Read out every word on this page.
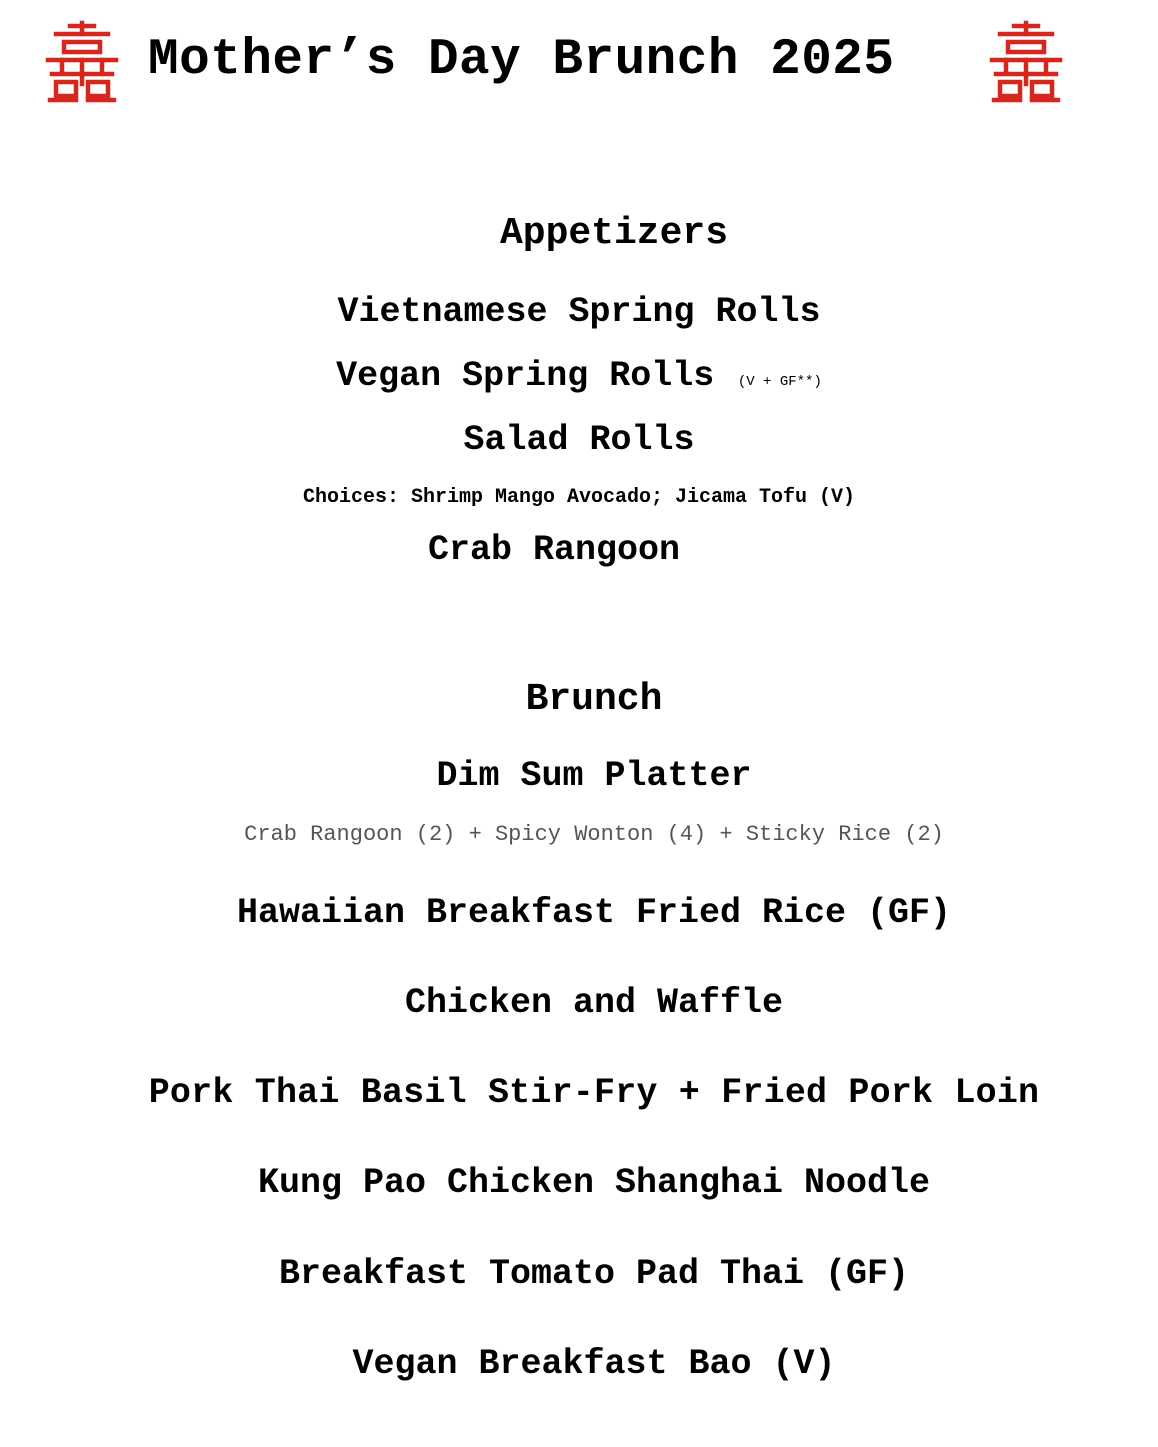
Mother’s Day Brunch 2025
Appetizers
Vietnamese Spring Rolls
Vegan Spring Rolls (V + GF**)
Salad Rolls
Choices: Shrimp Mango Avocado; Jicama Tofu (V)
Crab Rangoon
Brunch
Dim Sum Platter
Crab Rangoon (2) + Spicy Wonton (4) + Sticky Rice (2)
Hawaiian Breakfast Fried Rice (GF)
Chicken and Waffle
Pork Thai Basil Stir-Fry + Fried Pork Loin
Kung Pao Chicken Shanghai Noodle
Breakfast Tomato Pad Thai (GF)
Vegan Breakfast Bao (V)
